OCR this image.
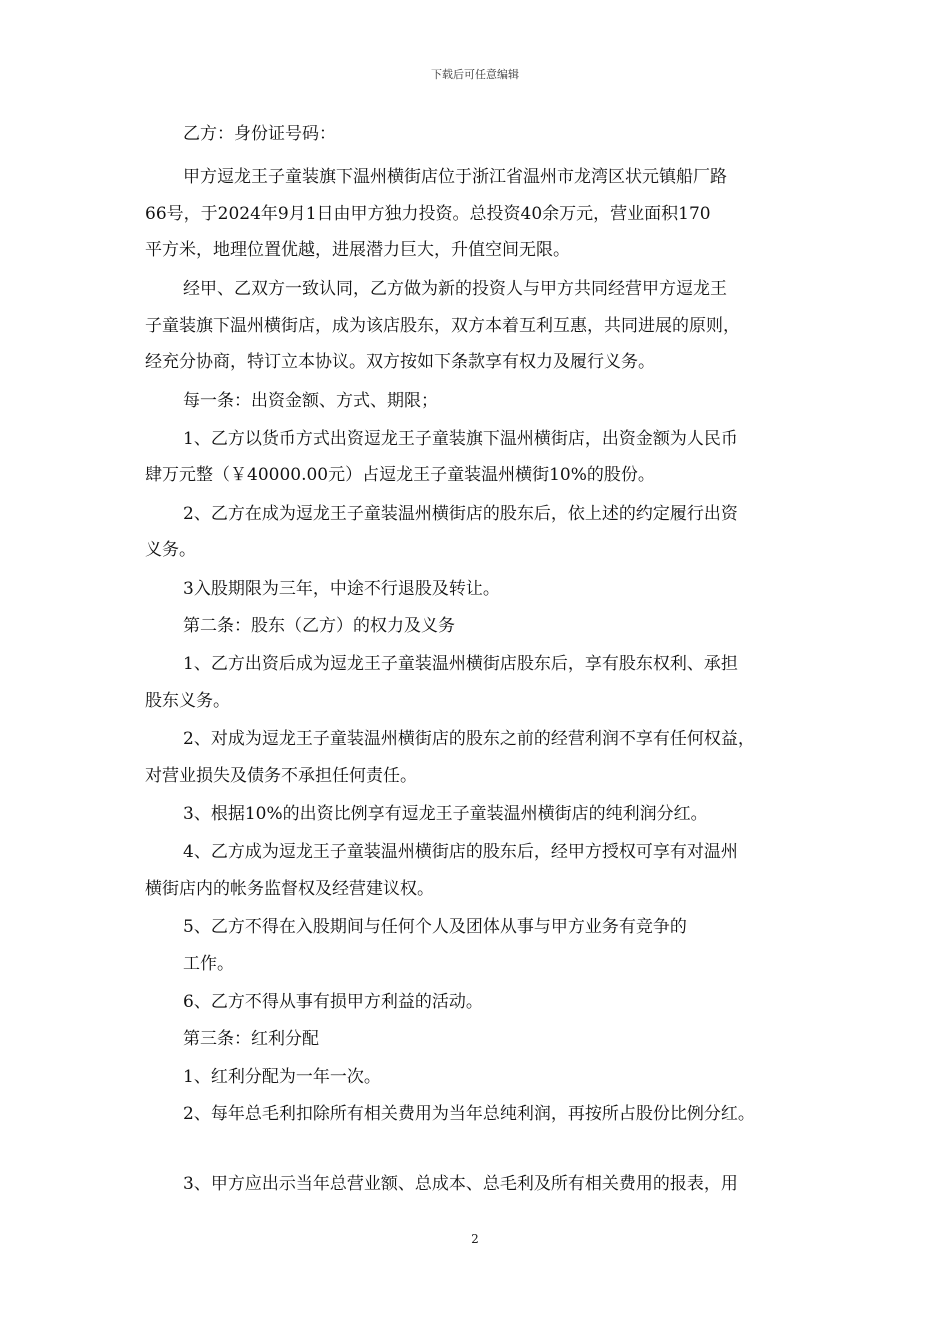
下载后可任意编辑
乙方：身份证号码：
甲方逗龙王子童装旗下温州横街店位于浙江省温州市龙湾区状元镇船厂路
66号，于2024年9月1日由甲方独力投资。总投资40余万元，营业面积170
平方米，地理位置优越，进展潜力巨大，升值空间无限。
经甲、乙双方一致认同，乙方做为新的投资人与甲方共同经营甲方逗龙王
子童装旗下温州横街店，成为该店股东，双方本着互利互惠，共同进展的原则，
经充分协商，特订立本协议。双方按如下条款享有权力及履行义务。
每一条：出资金额、方式、期限；
1、乙方以货币方式出资逗龙王子童装旗下温州横街店，出资金额为人民币
肆万元整（￥40000.00元）占逗龙王子童装温州横街10%的股份。
2、乙方在成为逗龙王子童装温州横街店的股东后，依上述的约定履行出资
义务。
3入股期限为三年，中途不行退股及转让。
第二条：股东（乙方）的权力及义务
1、乙方出资后成为逗龙王子童装温州横街店股东后，享有股东权利、承担
股东义务。
2、对成为逗龙王子童装温州横街店的股东之前的经营利润不享有任何权益，
对营业损失及债务不承担任何责任。
3、根据10%的出资比例享有逗龙王子童装温州横街店的纯利润分红。
4、乙方成为逗龙王子童装温州横街店的股东后，经甲方授权可享有对温州
横街店内的帐务监督权及经营建议权。
5、乙方不得在入股期间与任何个人及团体从事与甲方业务有竞争的
工作。
6、乙方不得从事有损甲方利益的活动。
第三条：红利分配
1、红利分配为一年一次。
2、每年总毛利扣除所有相关费用为当年总纯利润，再按所占股份比例分红。
3、甲方应出示当年总营业额、总成本、总毛利及所有相关费用的报表，用
2
